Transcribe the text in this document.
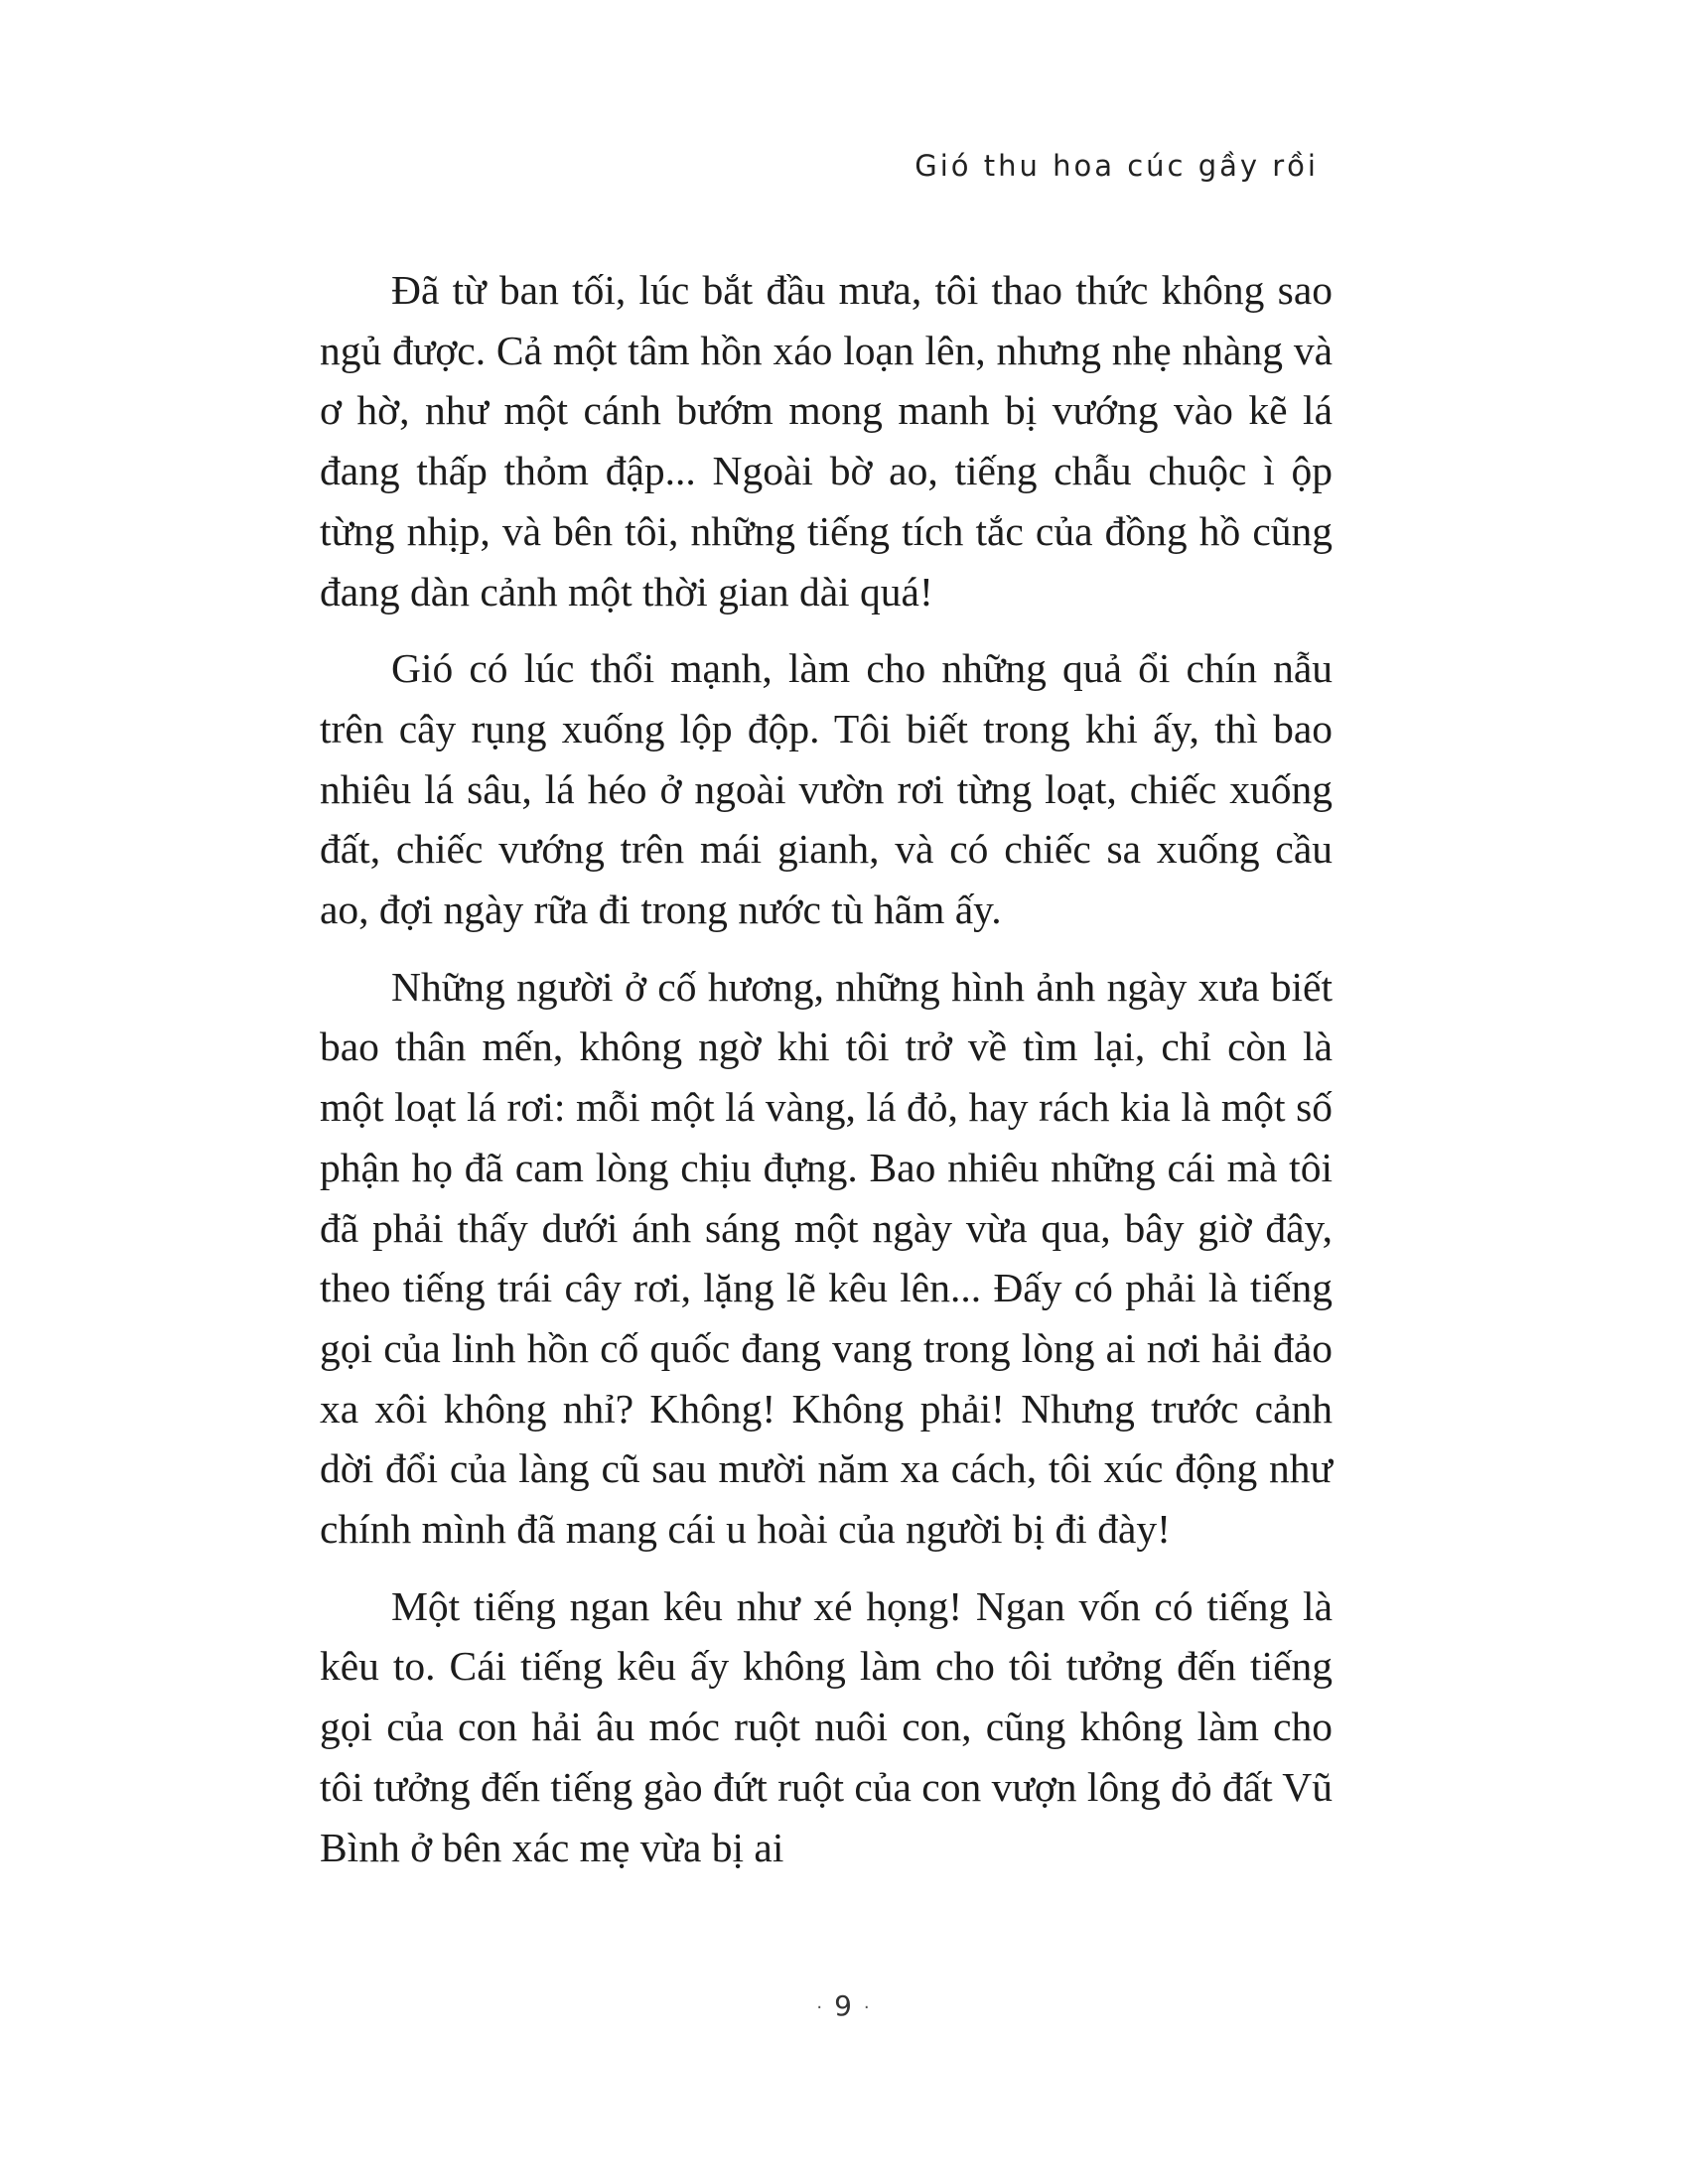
Gió thu hoa cúc gầy rồi

Đã từ ban tối, lúc bắt đầu mưa, tôi thao thức không sao ngủ được. Cả một tâm hồn xáo loạn lên, nhưng nhẹ nhàng và ơ hờ, như một cánh bướm mong manh bị vướng vào kẽ lá đang thấp thỏm đập... Ngoài bờ ao, tiếng chẫu chuộc ì ộp từng nhịp, và bên tôi, những tiếng tích tắc của đồng hồ cũng đang dàn cảnh một thời gian dài quá!

Gió có lúc thổi mạnh, làm cho những quả ổi chín nẫu trên cây rụng xuống lộp độp. Tôi biết trong khi ấy, thì bao nhiêu lá sâu, lá héo ở ngoài vườn rơi từng loạt, chiếc xuống đất, chiếc vướng trên mái gianh, và có chiếc sa xuống cầu ao, đợi ngày rữa đi trong nước tù hãm ấy.

Những người ở cố hương, những hình ảnh ngày xưa biết bao thân mến, không ngờ khi tôi trở về tìm lại, chỉ còn là một loạt lá rơi: mỗi một lá vàng, lá đỏ, hay rách kia là một số phận họ đã cam lòng chịu đựng. Bao nhiêu những cái mà tôi đã phải thấy dưới ánh sáng một ngày vừa qua, bây giờ đây, theo tiếng trái cây rơi, lặng lẽ kêu lên... Đấy có phải là tiếng gọi của linh hồn cố quốc đang vang trong lòng ai nơi hải đảo xa xôi không nhỉ? Không! Không phải! Nhưng trước cảnh dời đổi của làng cũ sau mười năm xa cách, tôi xúc động như chính mình đã mang cái u hoài của người bị đi đày!

Một tiếng ngan kêu như xé họng! Ngan vốn có tiếng là kêu to. Cái tiếng kêu ấy không làm cho tôi tưởng đến tiếng gọi của con hải âu móc ruột nuôi con, cũng không làm cho tôi tưởng đến tiếng gào đứt ruột của con vượn lông đỏ đất Vũ Bình ở bên xác mẹ vừa bị ai

· 9 ·
